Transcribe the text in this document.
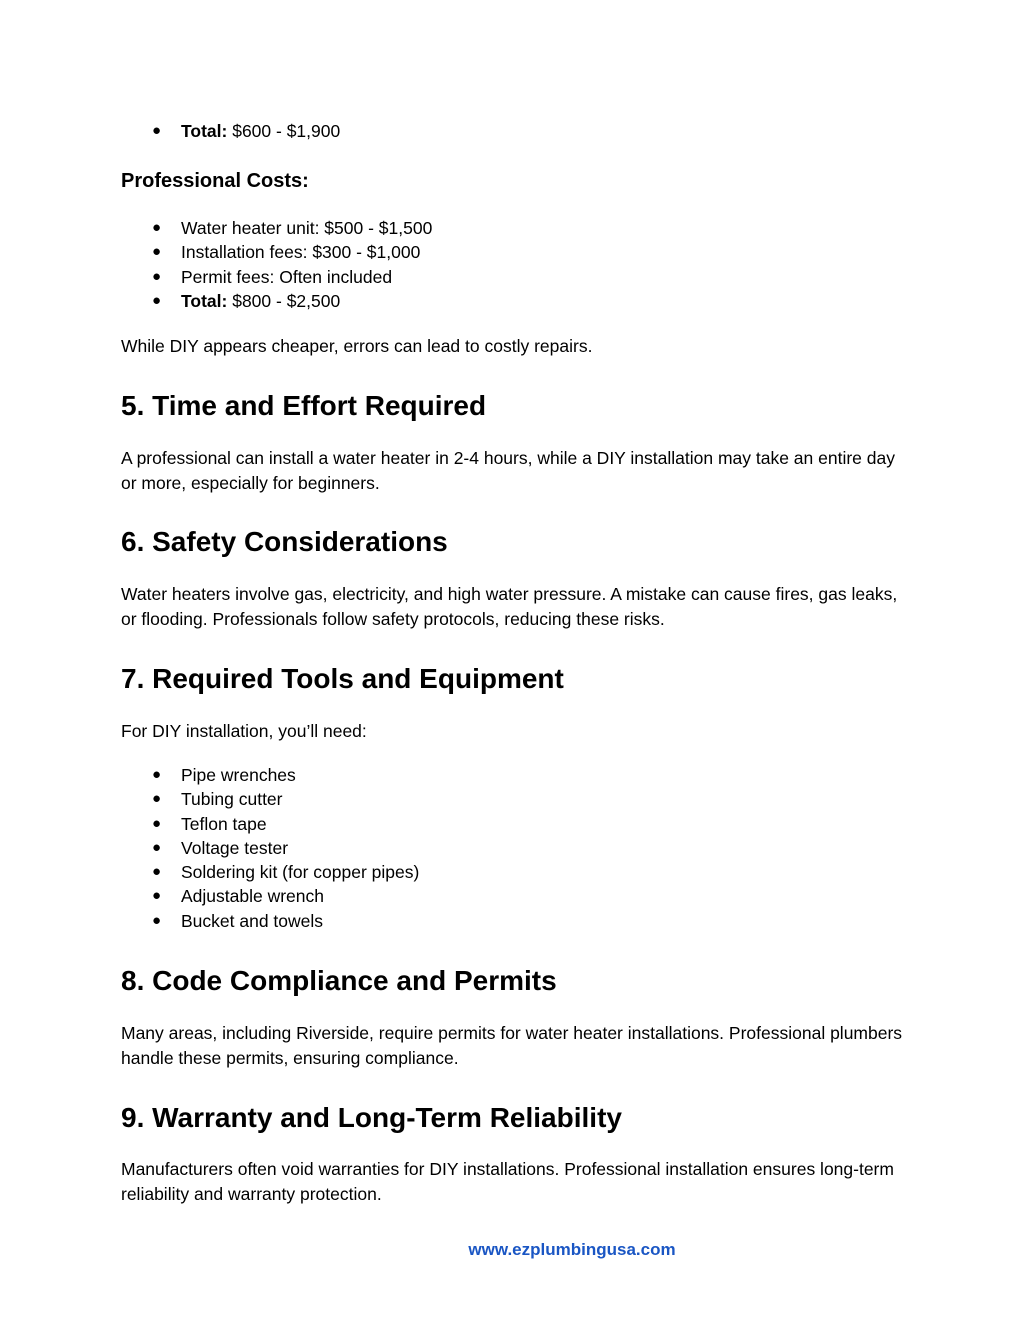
● Total: $600 - $1,900
Professional Costs:
● Water heater unit: $500 - $1,500
● Installation fees: $300 - $1,000
● Permit fees: Often included
● Total: $800 - $2,500

While DIY appears cheaper, errors can lead to costly repairs.

5. Time and Effort Required

A professional can install a water heater in 2-4 hours, while a DIY installation may take an entire day or more, especially for beginners.

6. Safety Considerations

Water heaters involve gas, electricity, and high water pressure. A mistake can cause fires, gas leaks, or flooding. Professionals follow safety protocols, reducing these risks.

7. Required Tools and Equipment

For DIY installation, you’ll need:

● Pipe wrenches
● Tubing cutter
● Teflon tape
● Voltage tester
● Soldering kit (for copper pipes)
● Adjustable wrench
● Bucket and towels
8. Code Compliance and Permits

Many areas, including Riverside, require permits for water heater installations. Professional plumbers handle these permits, ensuring compliance.

9. Warranty and Long-Term Reliability

Manufacturers often void warranties for DIY installations. Professional installation ensures long-term reliability and warranty protection.

www.ezplumbingusa.com
